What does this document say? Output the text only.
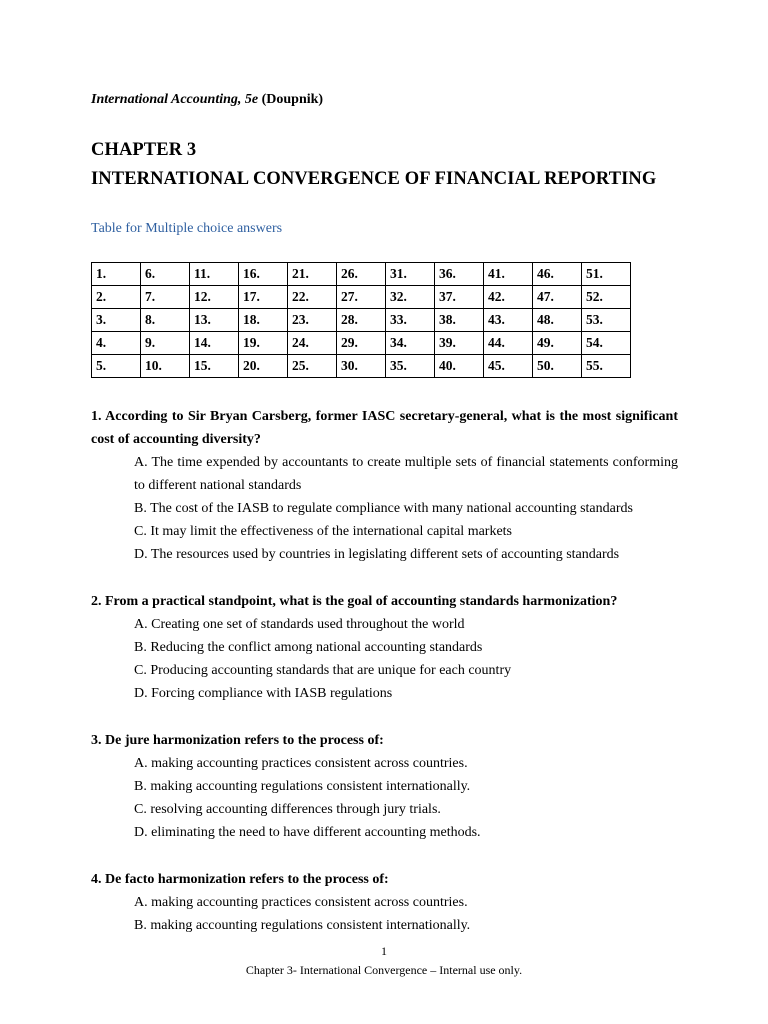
International Accounting, 5e (Doupnik)
CHAPTER 3
INTERNATIONAL CONVERGENCE OF FINANCIAL REPORTING
Table for Multiple choice answers
1.	6.	11.	16.	21.	26.	31.	36.	41.	46.	51.
2.	7.	12.	17.	22.	27.	32.	37.	42.	47.	52.
3.	8.	13.	18.	23.	28.	33.	38.	43.	48.	53.
4.	9.	14.	19.	24.	29.	34.	39.	44.	49.	54.
5.	10.	15.	20.	25.	30.	35.	40.	45.	50.	55.
1. According to Sir Bryan Carsberg, former IASC secretary-general, what is the most significant cost of accounting diversity?
A. The time expended by accountants to create multiple sets of financial statements conforming to different national standards
B. The cost of the IASB to regulate compliance with many national accounting standards
C. It may limit the effectiveness of the international capital markets
D. The resources used by countries in legislating different sets of accounting standards
2. From a practical standpoint, what is the goal of accounting standards harmonization?
A. Creating one set of standards used throughout the world
B. Reducing the conflict among national accounting standards
C. Producing accounting standards that are unique for each country
D. Forcing compliance with IASB regulations
3. De jure harmonization refers to the process of:
A. making accounting practices consistent across countries.
B. making accounting regulations consistent internationally.
C. resolving accounting differences through jury trials.
D. eliminating the need to have different accounting methods.
4. De facto harmonization refers to the process of:
A. making accounting practices consistent across countries.
B. making accounting regulations consistent internationally.
1
Chapter 3- International Convergence – Internal use only.
